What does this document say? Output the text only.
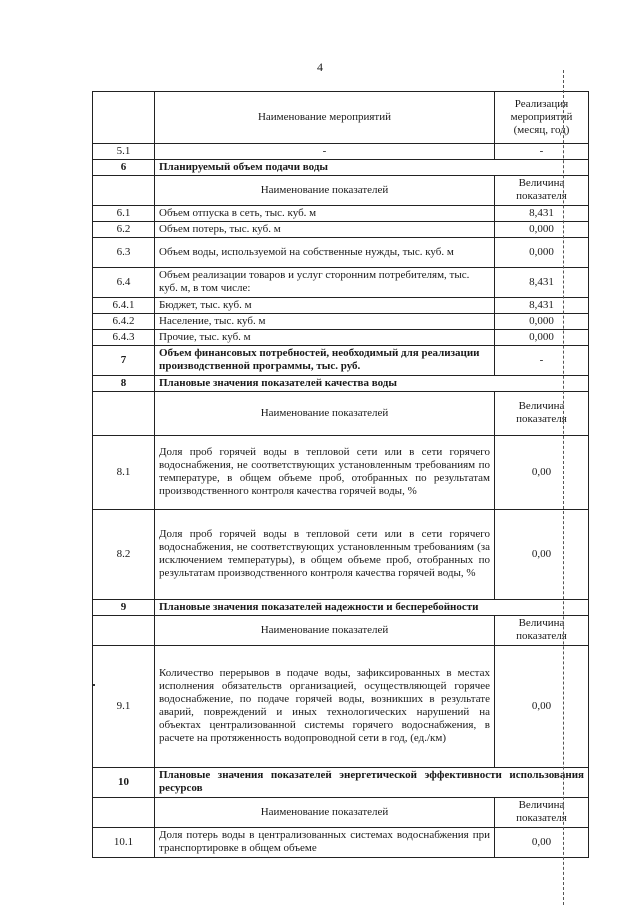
4
	Наименование мероприятий	Реализация мероприятий (месяц, год)
5.1	-	-
6	Планируемый объем подачи воды	
	Наименование показателей	Величина показателя
6.1	Объем отпуска в сеть, тыс. куб. м	8,431
6.2	Объем потерь, тыс. куб. м	0,000
6.3	Объем воды, используемой на собственные нужды, тыс. куб. м	0,000
6.4	Объем реализации товаров и услуг сторонним потребителям, тыс. куб. м, в том числе:	8,431
6.4.1	Бюджет, тыс. куб. м	8,431
6.4.2	Население, тыс. куб. м	0,000
6.4.3	Прочие, тыс. куб. м	0,000
7	Объем финансовых потребностей, необходимый для реализации производственной программы, тыс. руб.	-
8	Плановые значения показателей качества воды	
	Наименование показателей	Величина показателя
8.1	Доля проб горячей воды в тепловой сети или в сети горячего водоснабжения, не соответствующих установленным требованиям по температуре, в общем объеме проб, отобранных по результатам производственного контроля качества горячей воды, %	0,00
8.2	Доля проб горячей воды в тепловой сети или в сети горячего водоснабжения, не соответствующих установленным требованиям (за исключением температуры), в общем объеме проб, отобранных по результатам производственного контроля качества горячей воды, %	0,00
9	Плановые значения показателей надежности и бесперебойности	
	Наименование показателей	Величина показателя
9.1	Количество перерывов в подаче воды, зафиксированных в местах исполнения обязательств организацией, осуществляющей горячее водоснабжение, по подаче горячей воды, возникших в результате аварий, повреждений и иных технологических нарушений на объектах централизованной системы горячего водоснабжения, в расчете на протяженность водопроводной сети в год, (ед./км)	0,00
10	Плановые значения показателей энергетической эффективности использования ресурсов	
	Наименование показателей	Величина показателя
10.1	Доля потерь воды в централизованных системах водоснабжения при транспортировке в общем объеме	0,00
